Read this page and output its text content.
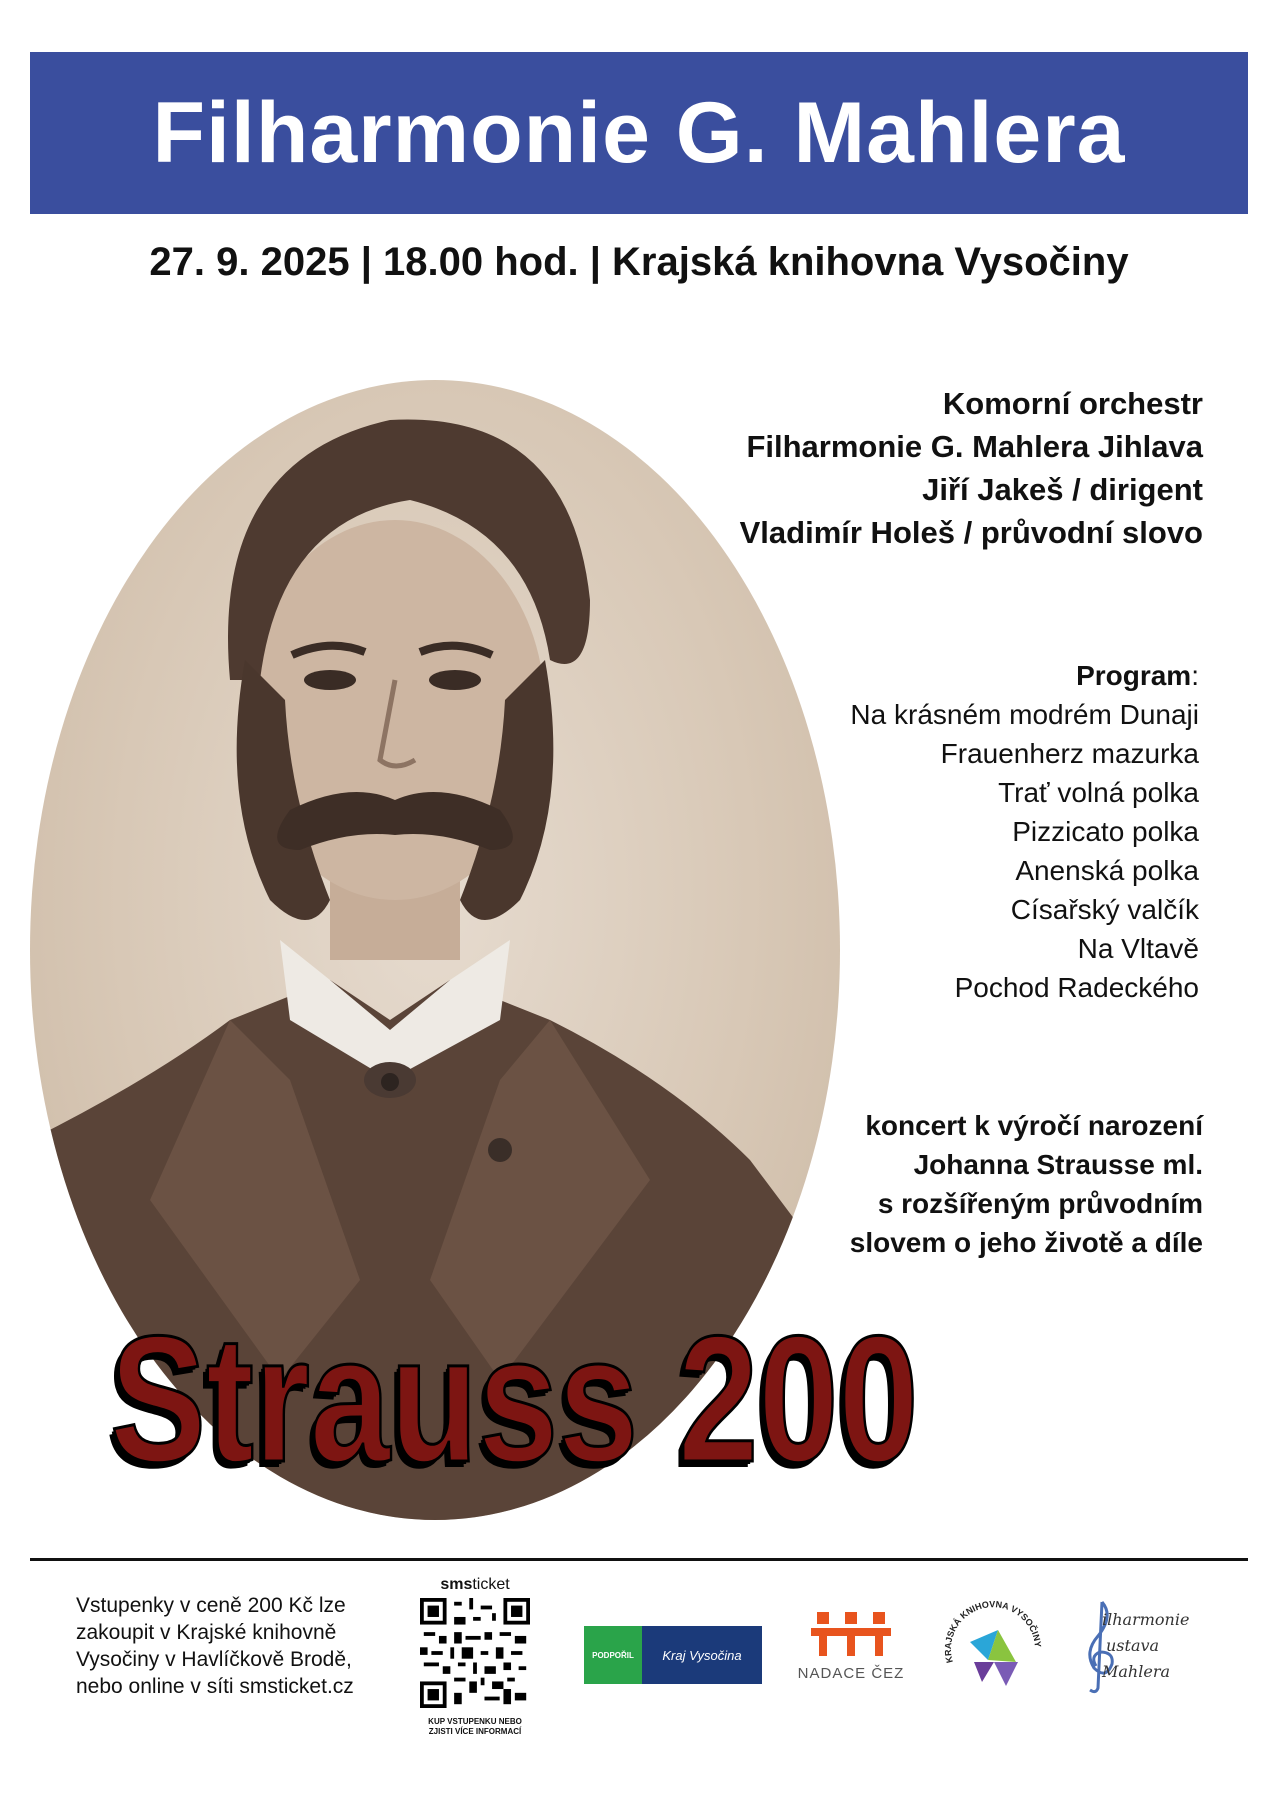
Filharmonie G. Mahlera
27. 9. 2025 | 18.00 hod. | Krajská knihovna Vysočiny
Komorní orchestr
Filharmonie G. Mahlera Jihlava
Jiří Jakeš / dirigent
Vladimír Holeš / průvodní slovo
Program:
Na krásném modrém Dunaji
Frauenherz mazurka
Trať volná polka
Pizzicato polka
Anenská polka
Císařský valčík
Na Vltavě
Pochod Radeckého
koncert k výročí narození
Johanna Strausse ml.
s rozšířeným průvodním
slovem o jeho životě a díle
Strauss 200
Vstupenky v ceně 200 Kč lze
zakoupit v Krajské knihovně
Vysočiny v Havlíčkově Brodě,
nebo online v síti smsticket.cz
smsticket
KUP VSTUPENKU NEBO
ZJISTI VÍCE INFORMACÍ
PODPOŘIL	Kraj Vysočina
NADACE ČEZ
KRAJSKÁ KNIHOVNA VYSOČINY
ilharmonie
ustava
Mahlera
